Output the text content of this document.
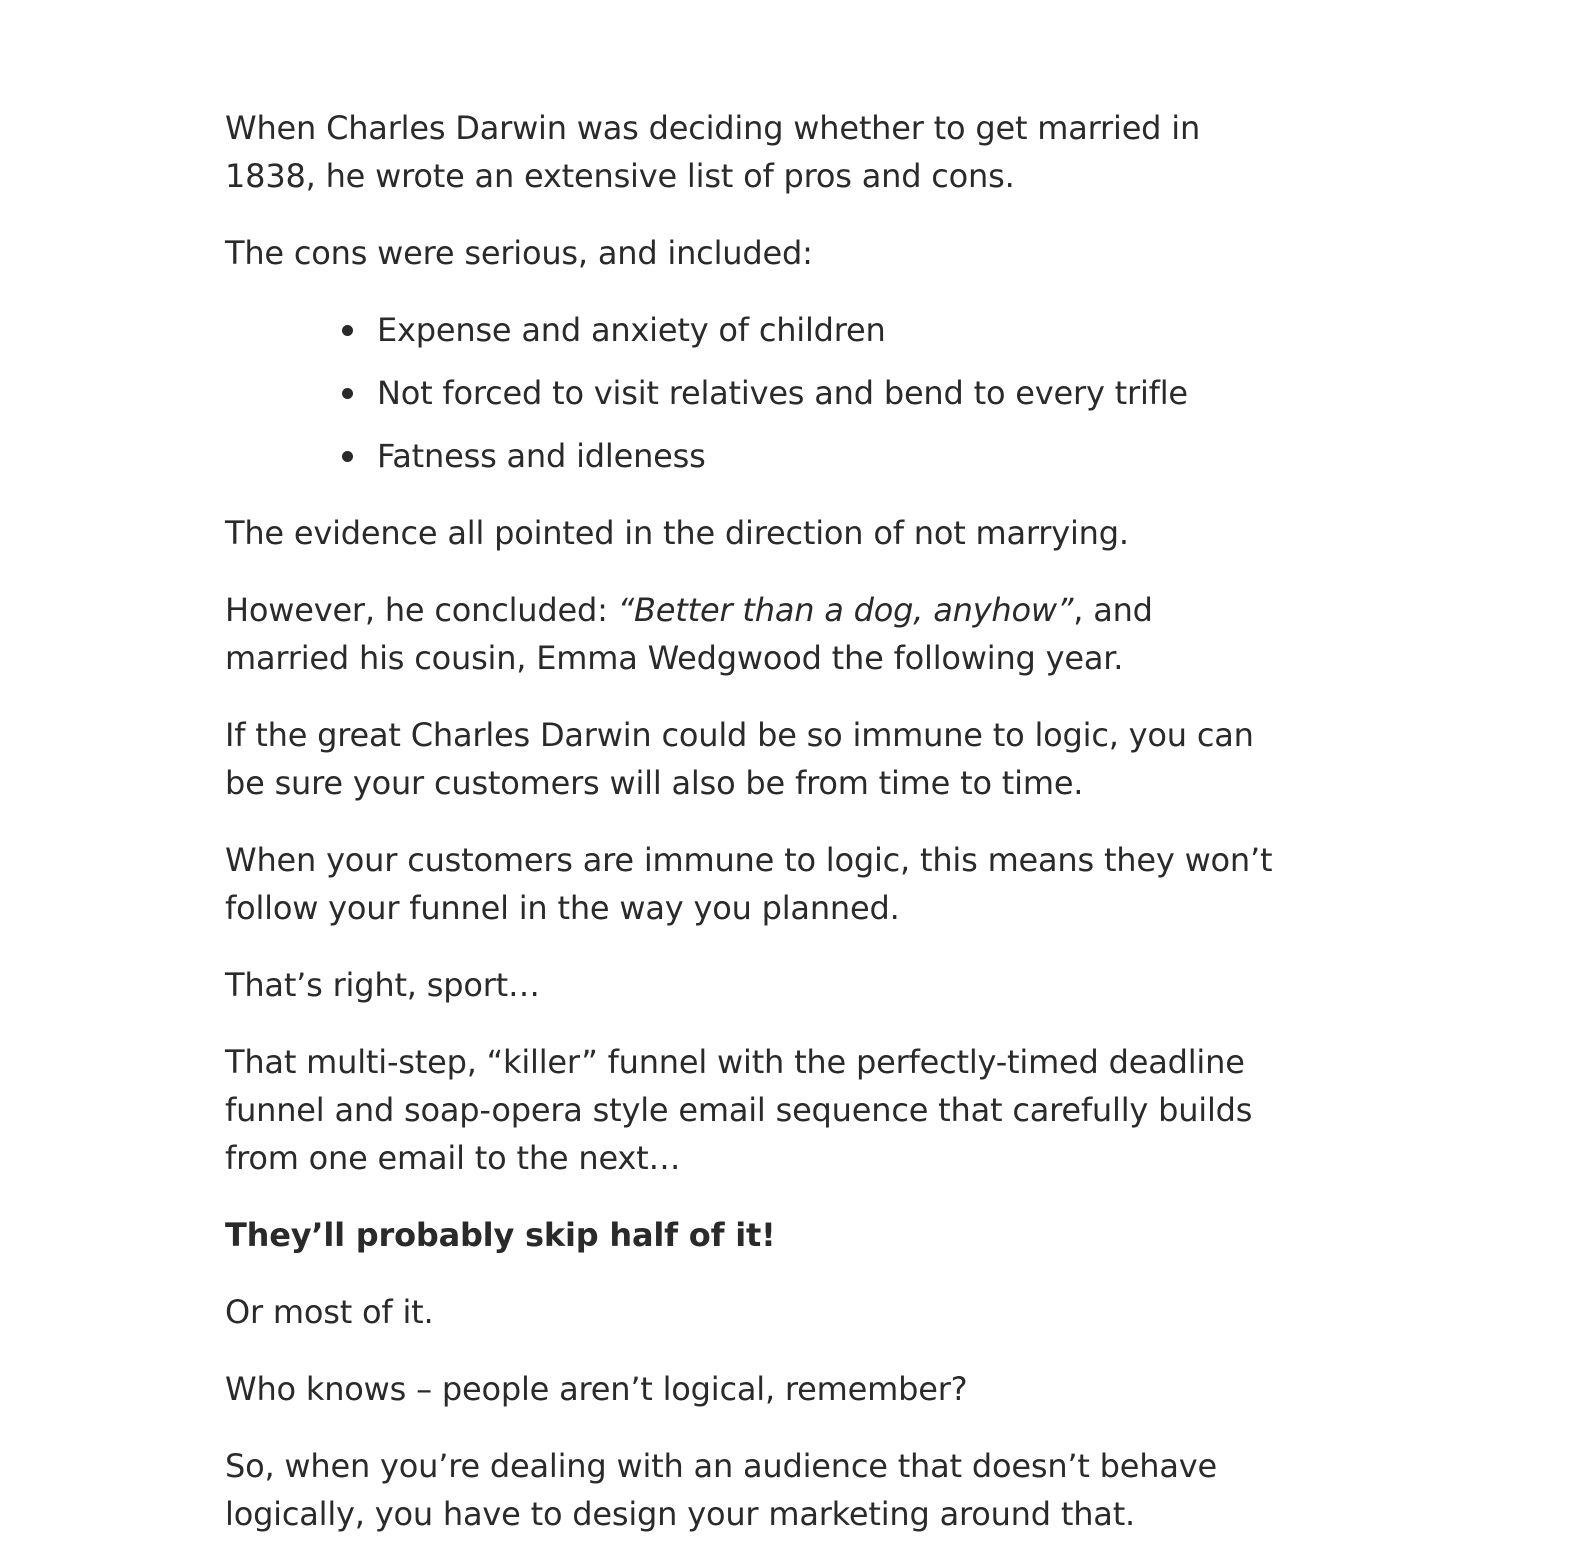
When Charles Darwin was deciding whether to get married in 1838, he wrote an extensive list of pros and cons.

The cons were serious, and included:

Expense and anxiety of children
Not forced to visit relatives and bend to every trifle
Fatness and idleness

The evidence all pointed in the direction of not marrying.

However, he concluded: “Better than a dog, anyhow”, and married his cousin, Emma Wedgwood the following year.

If the great Charles Darwin could be so immune to logic, you can be sure your customers will also be from time to time.

When your customers are immune to logic, this means they won’t follow your funnel in the way you planned.

That’s right, sport…

That multi-step, “killer” funnel with the perfectly-timed deadline funnel and soap-opera style email sequence that carefully builds from one email to the next…

They’ll probably skip half of it!

Or most of it.

Who knows – people aren’t logical, remember?

So, when you’re dealing with an audience that doesn’t behave logically, you have to design your marketing around that.
